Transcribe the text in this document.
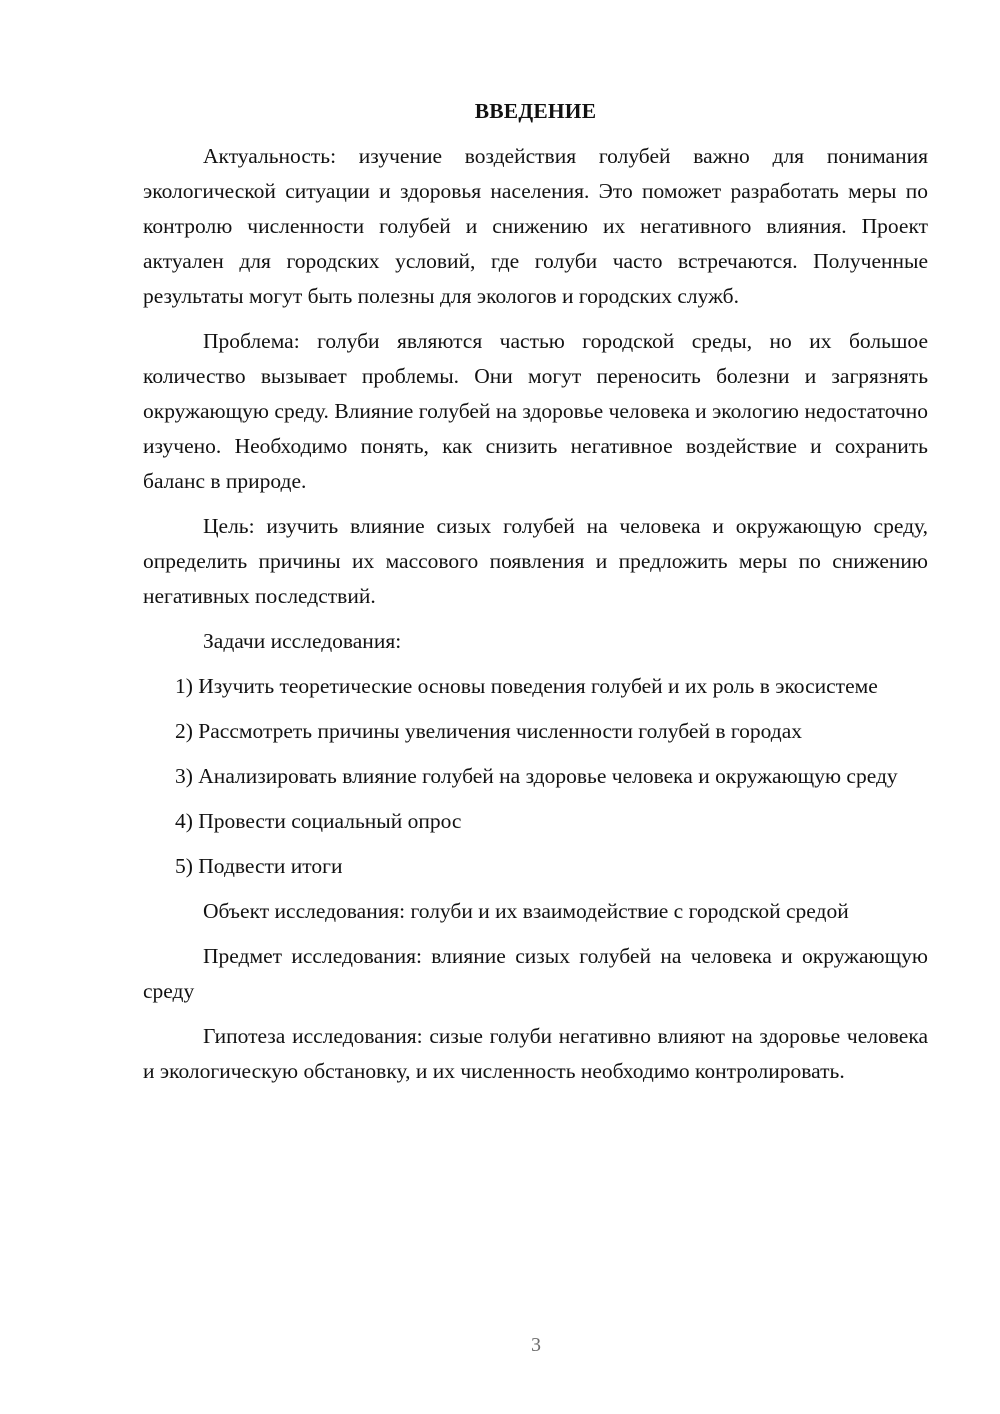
ВВЕДЕНИЕ

Актуальность: изучение воздействия голубей важно для понимания экологической ситуации и здоровья населения. Это поможет разработать меры по контролю численности голубей и снижению их негативного влияния. Проект актуален для городских условий, где голуби часто встречаются. Полученные результаты могут быть полезны для экологов и городских служб.

Проблема: голуби являются частью городской среды, но их большое количество вызывает проблемы. Они могут переносить болезни и загрязнять окружающую среду. Влияние голубей на здоровье человека и экологию недостаточно изучено. Необходимо понять, как снизить негативное воздействие и сохранить баланс в природе.

Цель: изучить влияние сизых голубей на человека и окружающую среду, определить причины их массового появления и предложить меры по снижению негативных последствий.

Задачи исследования:

1) Изучить теоретические основы поведения голубей и их роль в экосистеме

2) Рассмотреть причины увеличения численности голубей в городах

3) Анализировать влияние голубей на здоровье человека и окружающую среду

4) Провести социальный опрос

5) Подвести итоги

Объект исследования: голуби и их взаимодействие с городской средой

Предмет исследования: влияние сизых голубей на человека и окружающую среду

Гипотеза исследования: сизые голуби негативно влияют на здоровье человека и экологическую обстановку, и их численность необходимо контролировать.

3
